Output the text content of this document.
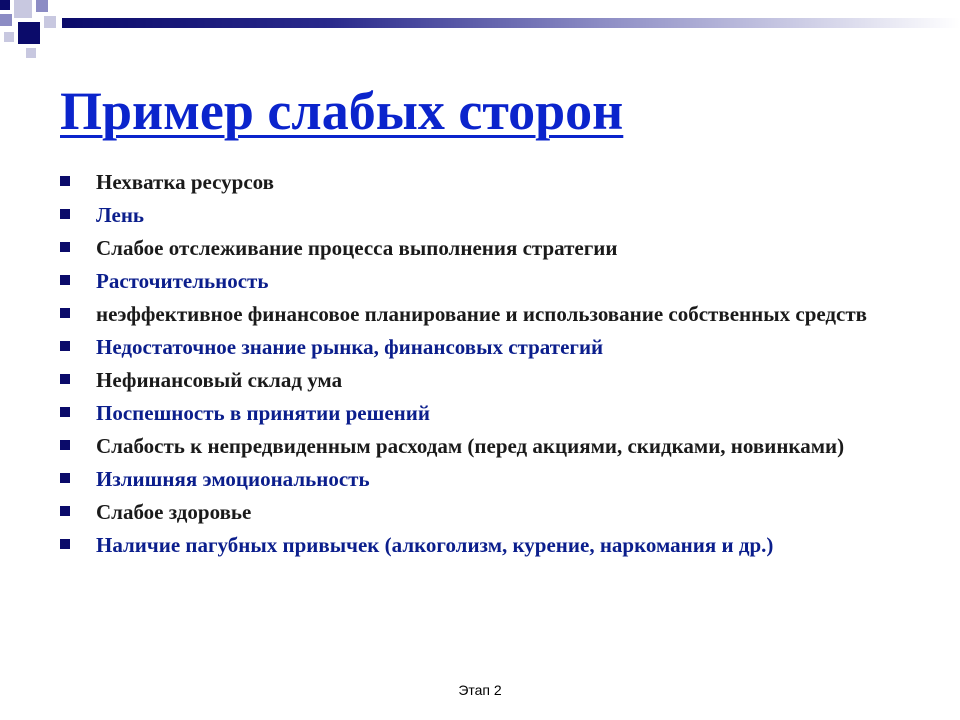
Пример слабых сторон
Нехватка ресурсов
Лень
Слабое отслеживание процесса выполнения стратегии
Расточительность
неэффективное финансовое планирование и использование собственных средств
Недостаточное знание рынка, финансовых стратегий
Нефинансовый склад ума
Поспешность в принятии решений
Слабость к непредвиденным расходам (перед акциями, скидками, новинками)
Излишняя эмоциональность
Слабое здоровье
Наличие пагубных привычек (алкоголизм, курение, наркомания и др.)
Этап 2
